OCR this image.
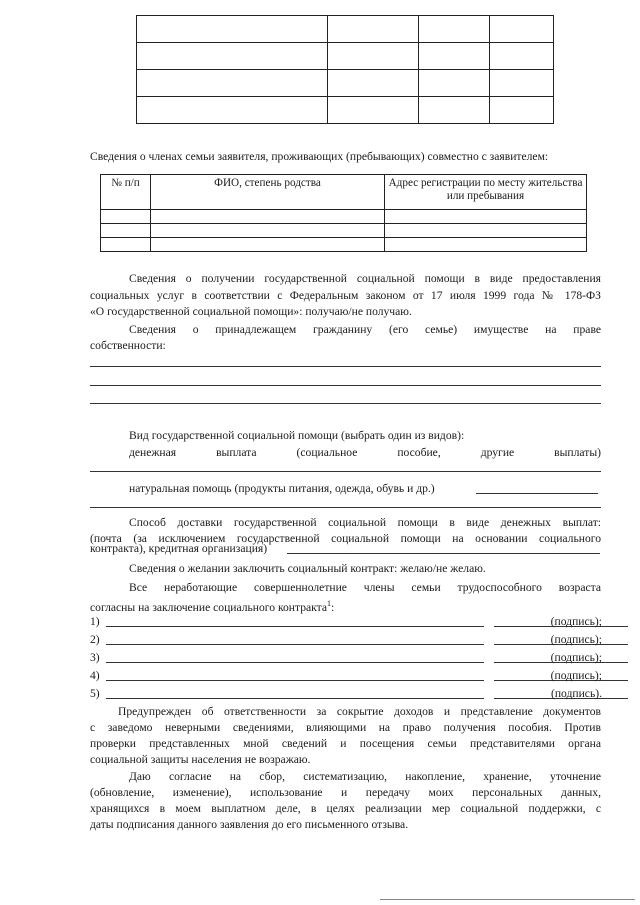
Сведения о членах семьи заявителя, проживающих (пребывающих) совместно с заявителем:
№ п/п	ФИО, степень родства	Адрес регистрации по месту жительства или пребывания

Сведения о получении государственной социальной помощи в виде предоставления
социальных услуг в соответствии с Федеральным законом от 17 июля 1999 года № 178-ФЗ
«О государственной социальной помощи»: получаю/не получаю.
Сведения о принадлежащем гражданину (его семье) имуществе на праве
собственности:
Вид государственной социальной помощи (выбрать один из видов):
денежная	выплата	(социальное	пособие,	другие	выплаты)
натуральная помощь (продукты питания, одежда, обувь и др.)
Способ доставки государственной социальной помощи в виде денежных выплат:
(почта (за исключением государственной социальной помощи на основании социального
контракта), кредитная организация)
Сведения о желании заключить социальный контракт: желаю/не желаю.
Все неработающие совершеннолетние члены семьи трудоспособного возраста
согласны на заключение социального контракта$^1$:
1)	(подпись);
2)	(подпись);
3)	(подпись);
4)	(подпись);
5)	(подпись).
Предупрежден об ответственности за сокрытие доходов и представление документов
с заведомо неверными сведениями, влияющими на право получения пособия. Против
проверки представленных мной сведений и посещения семьи представителями органа
социальной защиты населения не возражаю.
Даю согласие на сбор, систематизацию, накопление, хранение, уточнение
(обновление, изменение), использование и передачу моих персональных данных,
хранящихся в моем выплатном деле, в целях реализации мер социальной поддержки, с
даты подписания данного заявления до его письменного отзыва.
